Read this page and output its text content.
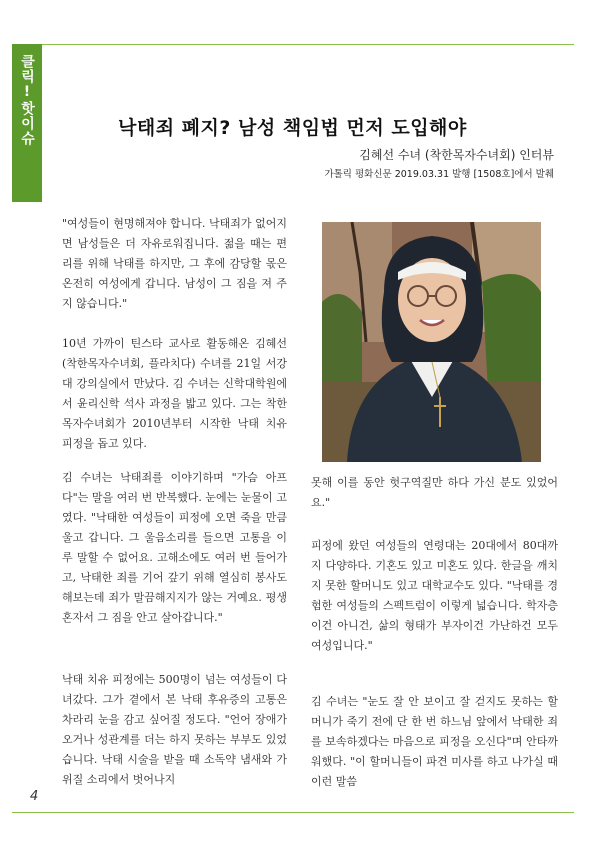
클릭!핫이슈	낙태죄 폐지? 남성 책임법 먼저 도입해야
김혜선 수녀 (착한목자수녀회) 인터뷰
가톨릭 평화신문 2019.03.31 발행 [1508호]에서 발췌

"여성들이 현명해져야 합니다. 낙태죄가 없어지면 남성들은 더 자유로워집니다. 젊을 때는 편리를 위해 낙태를 하지만, 그 후에 감당할 몫은 온전히 여성에게 갑니다. 남성이 그 짐을 져 주지 않습니다."

10년 가까이 틴스타 교사로 활동해온 김혜선(착한목자수녀회, 플라치다) 수녀를 21일 서강대 강의실에서 만났다. 김 수녀는 신학대학원에서 윤리신학 석사 과정을 밟고 있다. 그는 착한목자수녀회가 2010년부터 시작한 낙태 치유 피정을 돕고 있다.

김 수녀는 낙태죄를 이야기하며 "가슴 아프다"는 말을 여러 번 반복했다. 눈에는 눈물이 고였다. "낙태한 여성들이 피정에 오면 죽을 만큼 울고 갑니다. 그 울음소리를 들으면 고통을 이루 말할 수 없어요. 고해소에도 여러 번 들어가고, 낙태한 죄를 기어 갚기 위해 열심히 봉사도 해보는데 죄가 말끔해지지가 않는 거예요. 평생 혼자서 그 짐을 안고 살아갑니다."

낙태 치유 피정에는 500명이 넘는 여성들이 다녀갔다. 그가 곁에서 본 낙태 후유증의 고통은 차라리 눈을 감고 싶어질 정도다. "언어 장애가 오거나 성관계를 더는 하지 못하는 부부도 있었습니다. 낙태 시술을 받을 때 소독약 냄새와 가위질 소리에서 벗어나지

못해 이를 동안 헛구역질만 하다 가신 분도 있었어요."

피정에 왔던 여성들의 연령대는 20대에서 80대까지 다양하다. 기혼도 있고 미혼도 있다. 한글을 깨치지 못한 할머니도 있고 대학교수도 있다. "낙태를 경험한 여성들의 스펙트럼이 이렇게 넓습니다. 학자층이건 아니건, 삶의 형태가 부자이건 가난하건 모두 여성입니다."

김 수녀는 "눈도 잘 안 보이고 잘 걷지도 못하는 할머니가 죽기 전에 단 한 번 하느님 앞에서 낙태한 죄를 보속하겠다는 마음으로 피정을 오신다"며 안타까워했다. "이 할머니들이 파견 미사를 하고 나가실 때 이런 말씀

4
